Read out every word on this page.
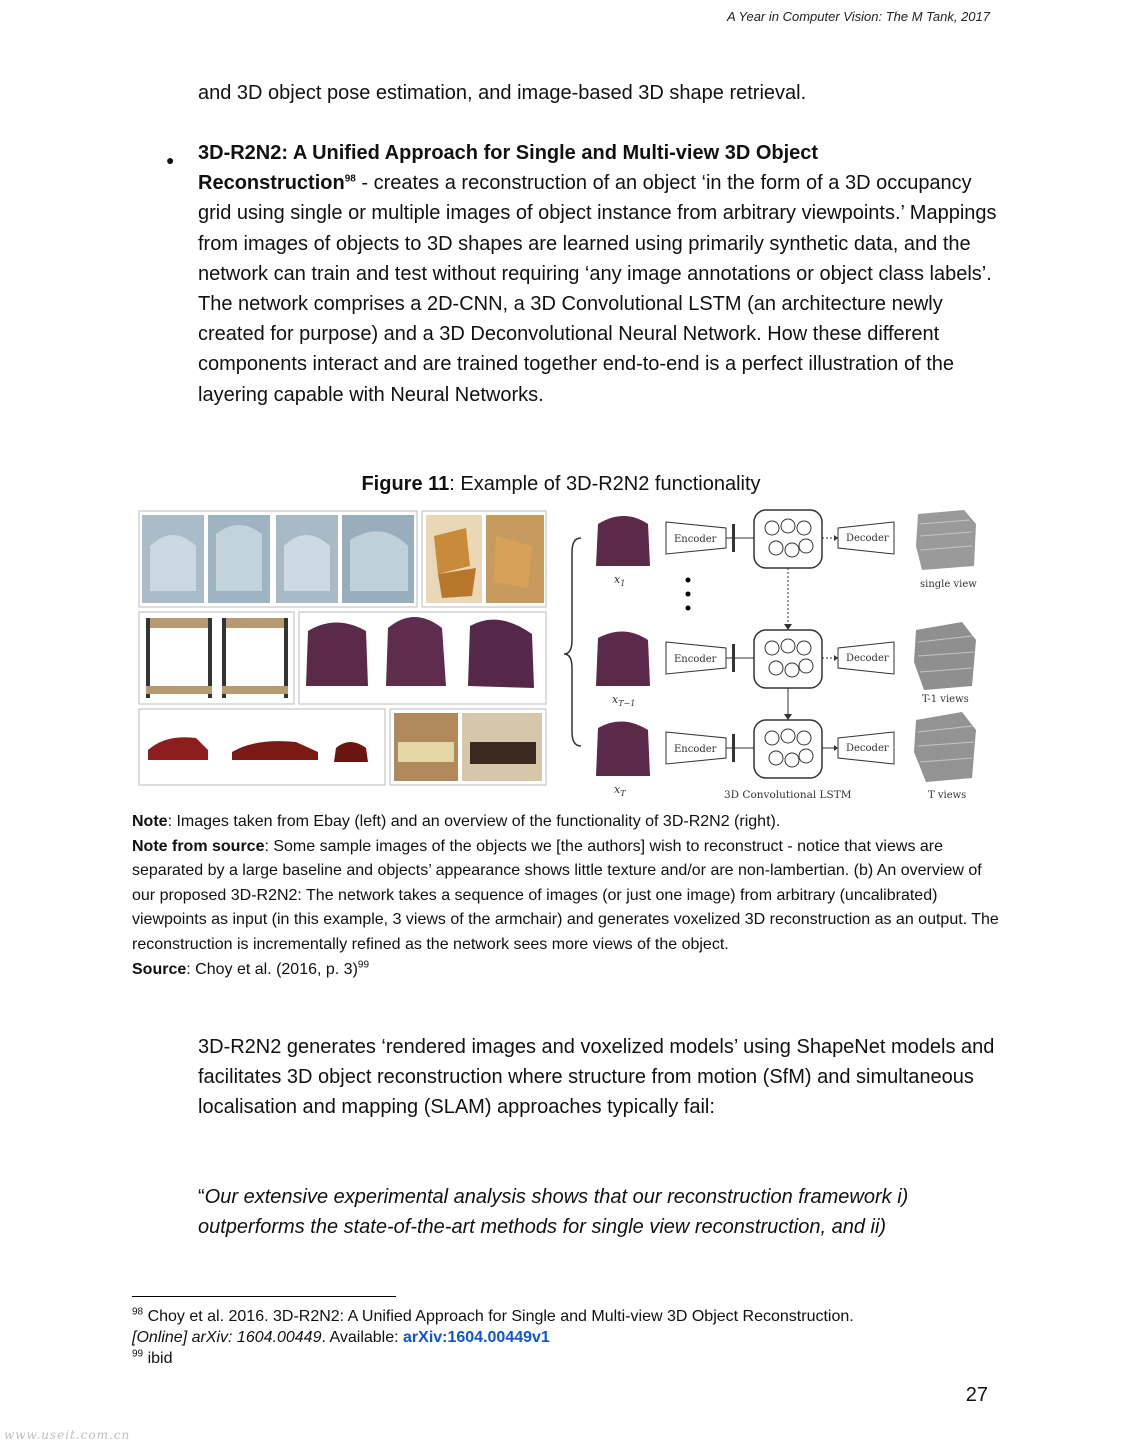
A Year in Computer Vision: The M Tank, 2017
and 3D object pose estimation, and image-based 3D shape retrieval.
● 3D-R2N2: A Unified Approach for Single and Multi-view 3D Object
Reconstruction$^{98}$ - creates a reconstruction of an object ‘in the form of a 3D occupancy grid using single or multiple images of object instance from arbitrary viewpoints.’ Mappings from images of objects to 3D shapes are learned using primarily synthetic data, and the network can train and test without requiring ‘any image annotations or object class labels’. The network comprises a 2D-CNN, a 3D Convolutional LSTM (an architecture newly created for purpose) and a 3D Deconvolutional Neural Network. How these different components interact and are trained together end-to-end is a perfect illustration of the layering capable with Neural Networks.
Figure 11: Example of 3D-R2N2 functionality
Encoder
Encoder
Encoder
Decoder
Decoder
Decoder
$x_1$
$x_{T-1}$
$x_T$	3D Convolutional LSTM
single view
T-1 views
T views
Note: Images taken from Ebay (left) and an overview of the functionality of 3D-R2N2 (right).
Note from source: Some sample images of the objects we [the authors] wish to reconstruct - notice that views are separated by a large baseline and objects’ appearance shows little texture and/or are non-lambertian. (b) An overview of our proposed 3D-R2N2: The network takes a sequence of images (or just one image) from arbitrary (uncalibrated) viewpoints as input (in this example, 3 views of the armchair) and generates voxelized 3D reconstruction as an output. The reconstruction is incrementally refined as the network sees more views of the object.
Source: Choy et al. (2016, p. 3)$^{99}$
3D-R2N2 generates ‘rendered images and voxelized models’ using ShapeNet models and facilitates 3D object reconstruction where structure from motion (SfM) and simultaneous localisation and mapping (SLAM) approaches typically fail:
“Our extensive experimental analysis shows that our reconstruction framework i) outperforms the state-of-the-art methods for single view reconstruction, and ii)
$^{98}$ Choy et al. 2016. 3D-R2N2: A Unified Approach for Single and Multi-view 3D Object Reconstruction.
[Online] arXiv: 1604.00449. Available: arXiv:1604.00449v1
$^{99}$ ibid
27
www.useit.com.cn
